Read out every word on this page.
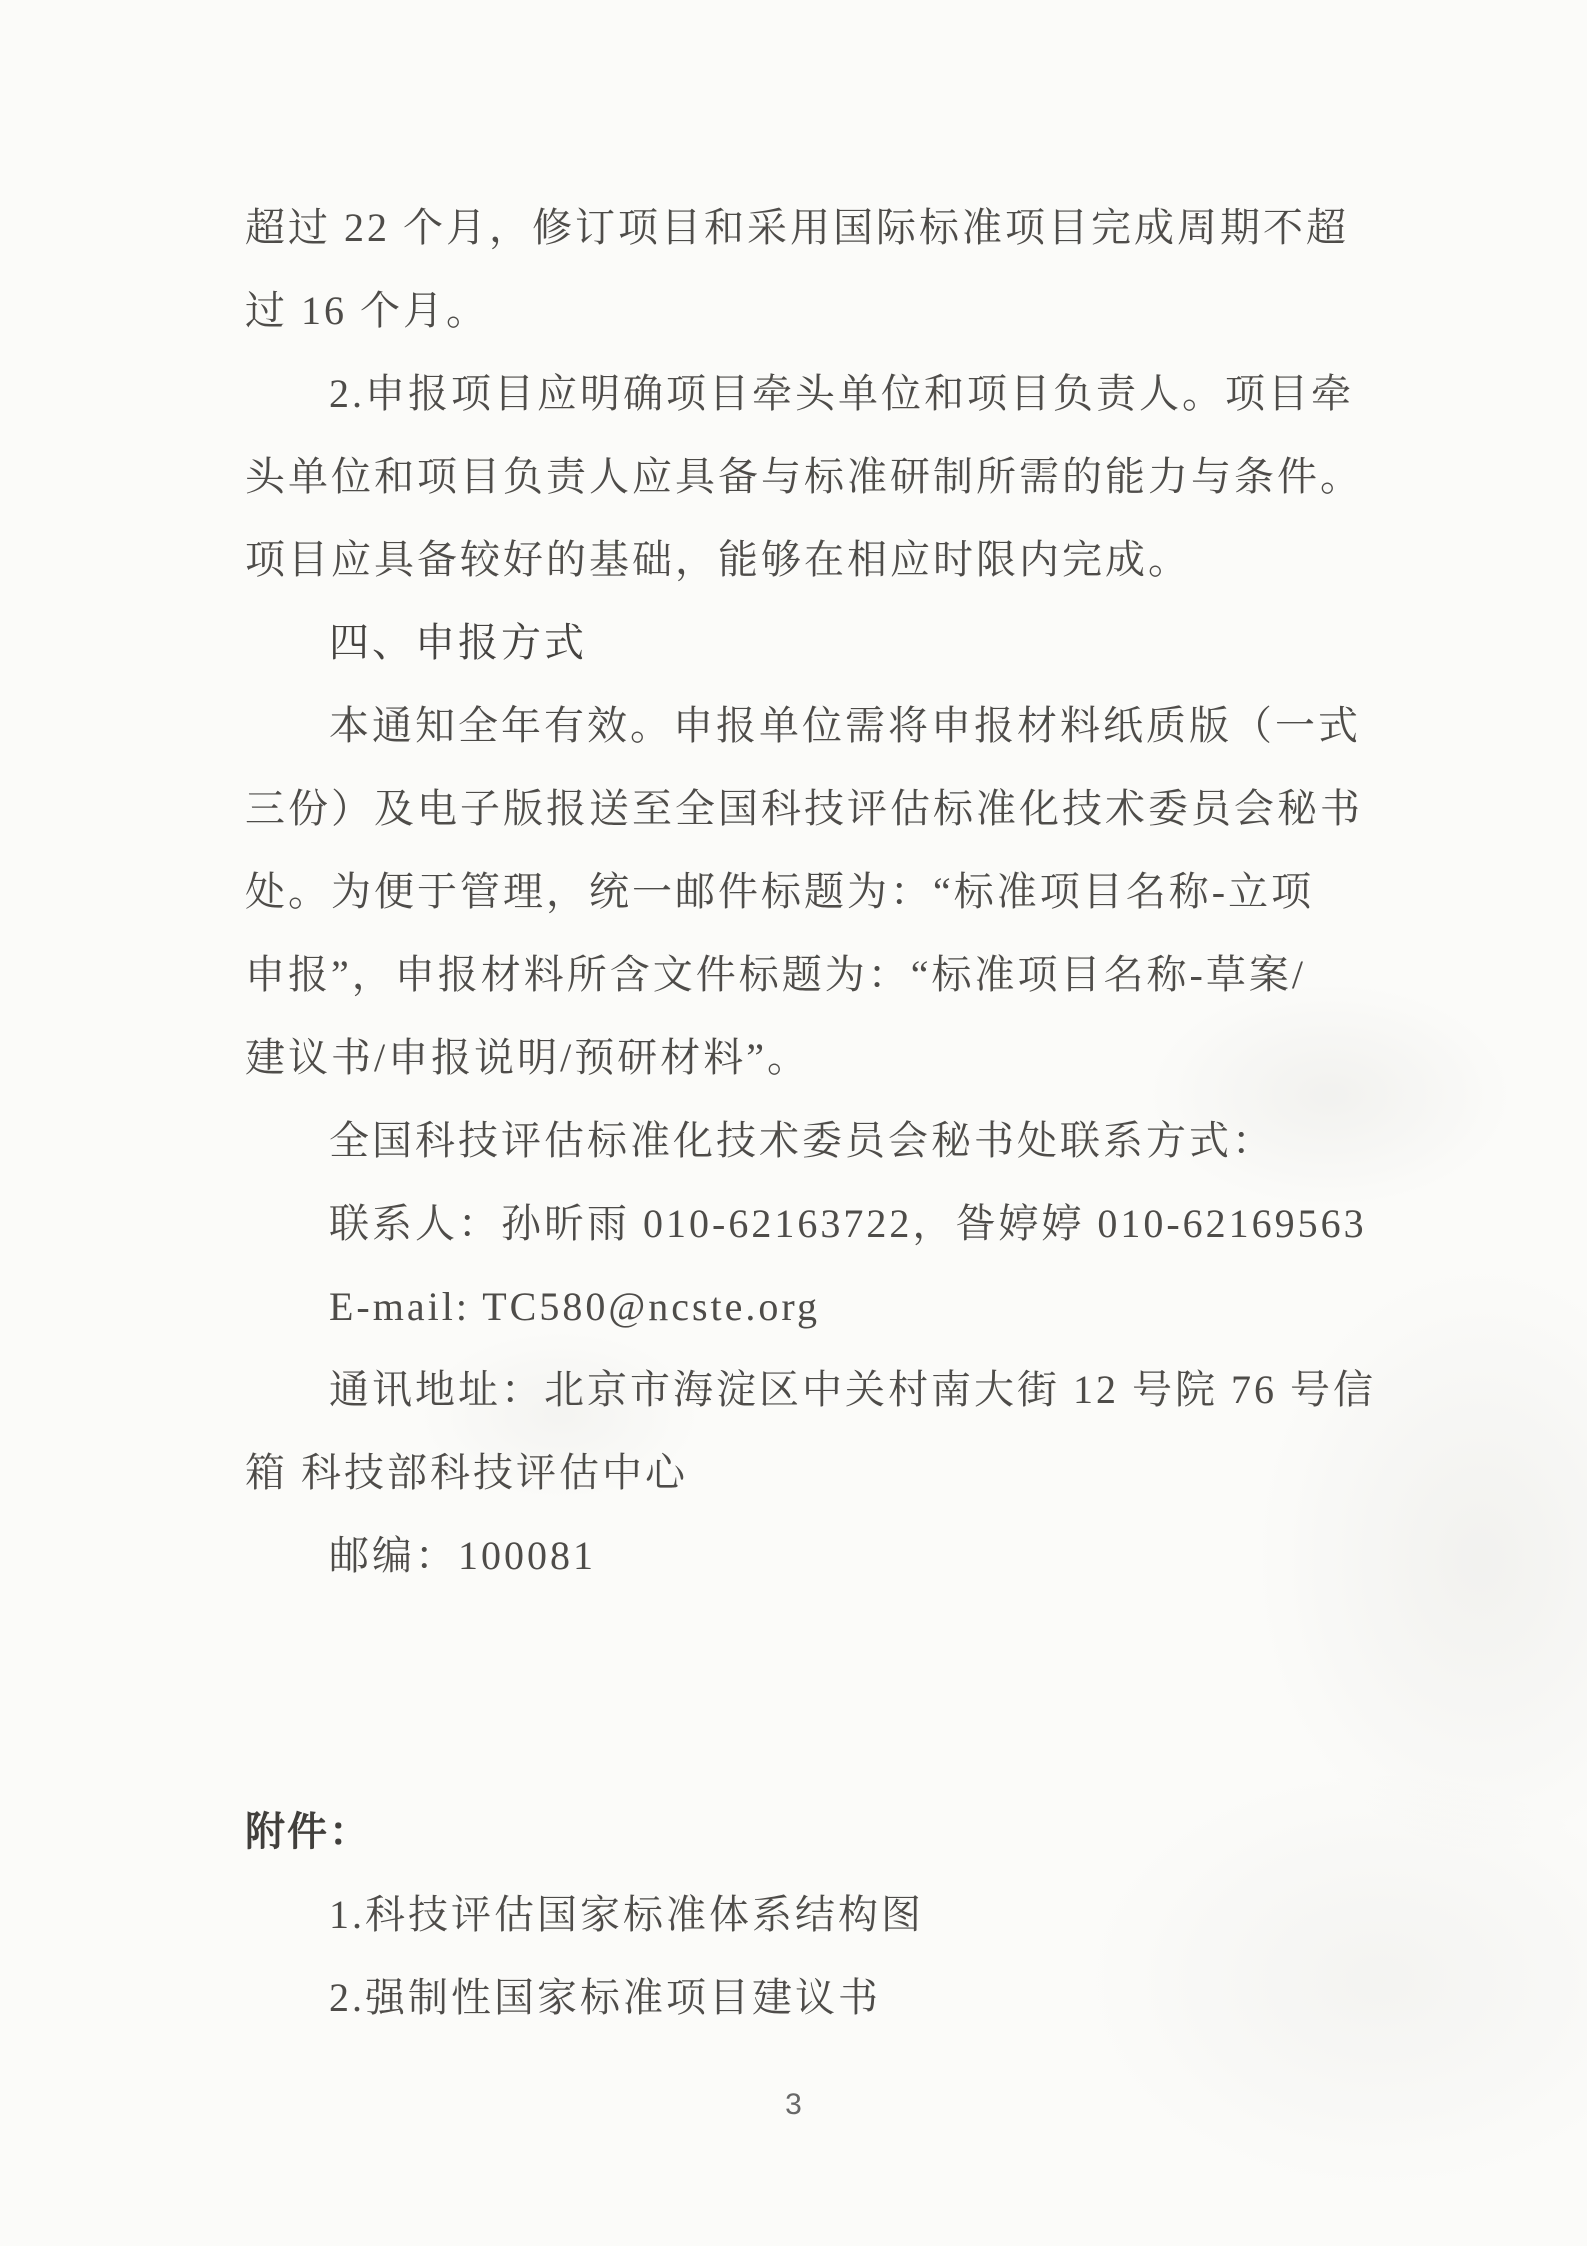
超过 22 个月，修订项目和采用国际标准项目完成周期不超
过 16 个月。
2.申报项目应明确项目牵头单位和项目负责人。项目牵
头单位和项目负责人应具备与标准研制所需的能力与条件。
项目应具备较好的基础，能够在相应时限内完成。
四、申报方式
本通知全年有效。申报单位需将申报材料纸质版（一式
三份）及电子版报送至全国科技评估标准化技术委员会秘书
处。为便于管理，统一邮件标题为：“标准项目名称-立项
申报”，申报材料所含文件标题为：“标准项目名称-草案/
建议书/申报说明/预研材料”。
全国科技评估标准化技术委员会秘书处联系方式：
联系人：孙昕雨 010-62163722，昝婷婷 010-62169563
E-mail: TC580@ncste.org
通讯地址：北京市海淀区中关村南大街 12 号院 76 号信
箱 科技部科技评估中心
邮编：100081
附件：
1.科技评估国家标准体系结构图
2.强制性国家标准项目建议书
3
